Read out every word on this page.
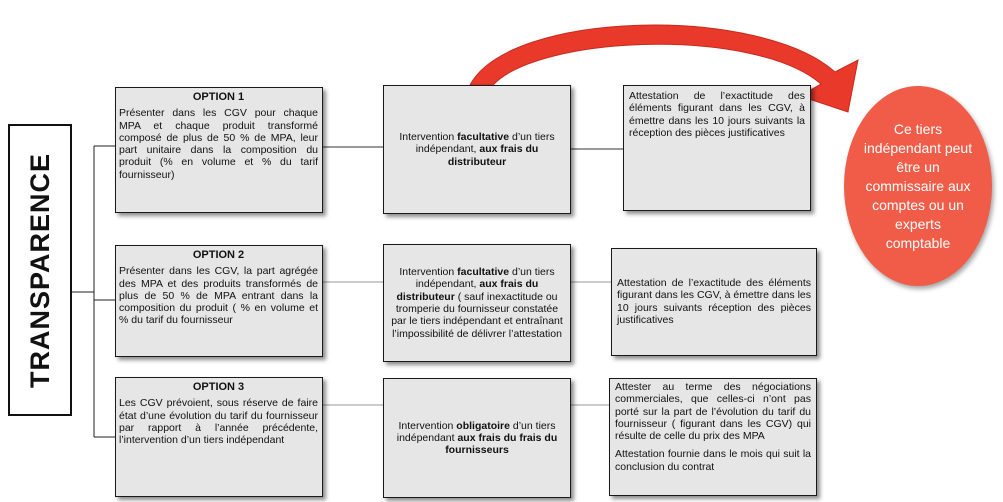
TRANSPARENCE
OPTION 1
Présenter dans les CGV pour chaque MPA et chaque produit transformé composé de plus de 50 % de MPA, leur part unitaire dans la composition du produit (% en volume et % du tarif fournisseur)

Intervention facultative d’un tiers indépendant, aux frais du distributeur

Attestation de l’exactitude des éléments figurant dans les CGV, à émettre dans les 10 jours suivants la réception des pièces justificatives

OPTION 2
Présenter dans les CGV, la part agrégée des MPA et des produits transformés de plus de 50 % de MPA entrant dans la composition du produit ( % en volume et % du tarif du fournisseur

Intervention facultative d’un tiers indépendant, aux frais du distributeur ( sauf inexactitude ou tromperie du fournisseur constatée par le tiers indépendant et entraînant l’impossibilité de délivrer l’attestation

Attestation de l’exactitude des éléments figurant dans les CGV, à émettre dans les 10 jours suivants réception des pièces justificatives

OPTION 3
Les CGV prévoient, sous réserve de faire état d’une évolution du tarif du fournisseur par rapport à l’année précédente, l’intervention d’un tiers indépendant

Intervention obligatoire d’un tiers indépendant aux frais du frais du fournisseurs

Attester au terme des négociations commerciales, que celles-ci n’ont pas porté sur la part de l’évolution du tarif du fournisseur ( figurant dans les CGV) qui résulte de celle du prix des MPA

Attestation fournie dans le mois qui suit la conclusion du contrat

Ce tiers indépendant peut être un commissaire aux comptes ou un experts comptable
